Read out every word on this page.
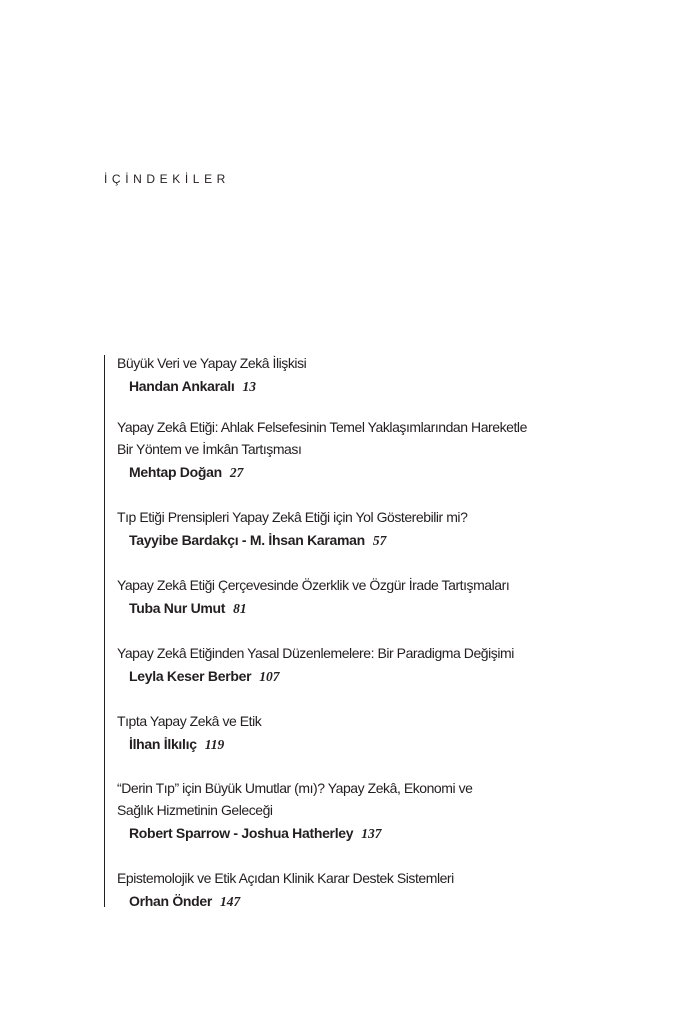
İÇİNDEKİLER
Büyük Veri ve Yapay Zekâ İlişkisi
Handan Ankaralı 13
Yapay Zekâ Etiği: Ahlak Felsefesinin Temel Yaklaşımlarından Hareketle
Bir Yöntem ve İmkân Tartışması
Mehtap Doğan 27
Tıp Etiği Prensipleri Yapay Zekâ Etiği için Yol Gösterebilir mi?
Tayyibe Bardakçı - M. İhsan Karaman 57
Yapay Zekâ Etiği Çerçevesinde Özerklik ve Özgür İrade Tartışmaları
Tuba Nur Umut 81
Yapay Zekâ Etiğinden Yasal Düzenlemelere: Bir Paradigma Değişimi
Leyla Keser Berber 107
Tıpta Yapay Zekâ ve Etik
İlhan İlkılıç 119
“Derin Tıp” için Büyük Umutlar (mı)? Yapay Zekâ, Ekonomi ve
Sağlık Hizmetinin Geleceği
Robert Sparrow - Joshua Hatherley 137
Epistemolojik ve Etik Açıdan Klinik Karar Destek Sistemleri
Orhan Önder 147
